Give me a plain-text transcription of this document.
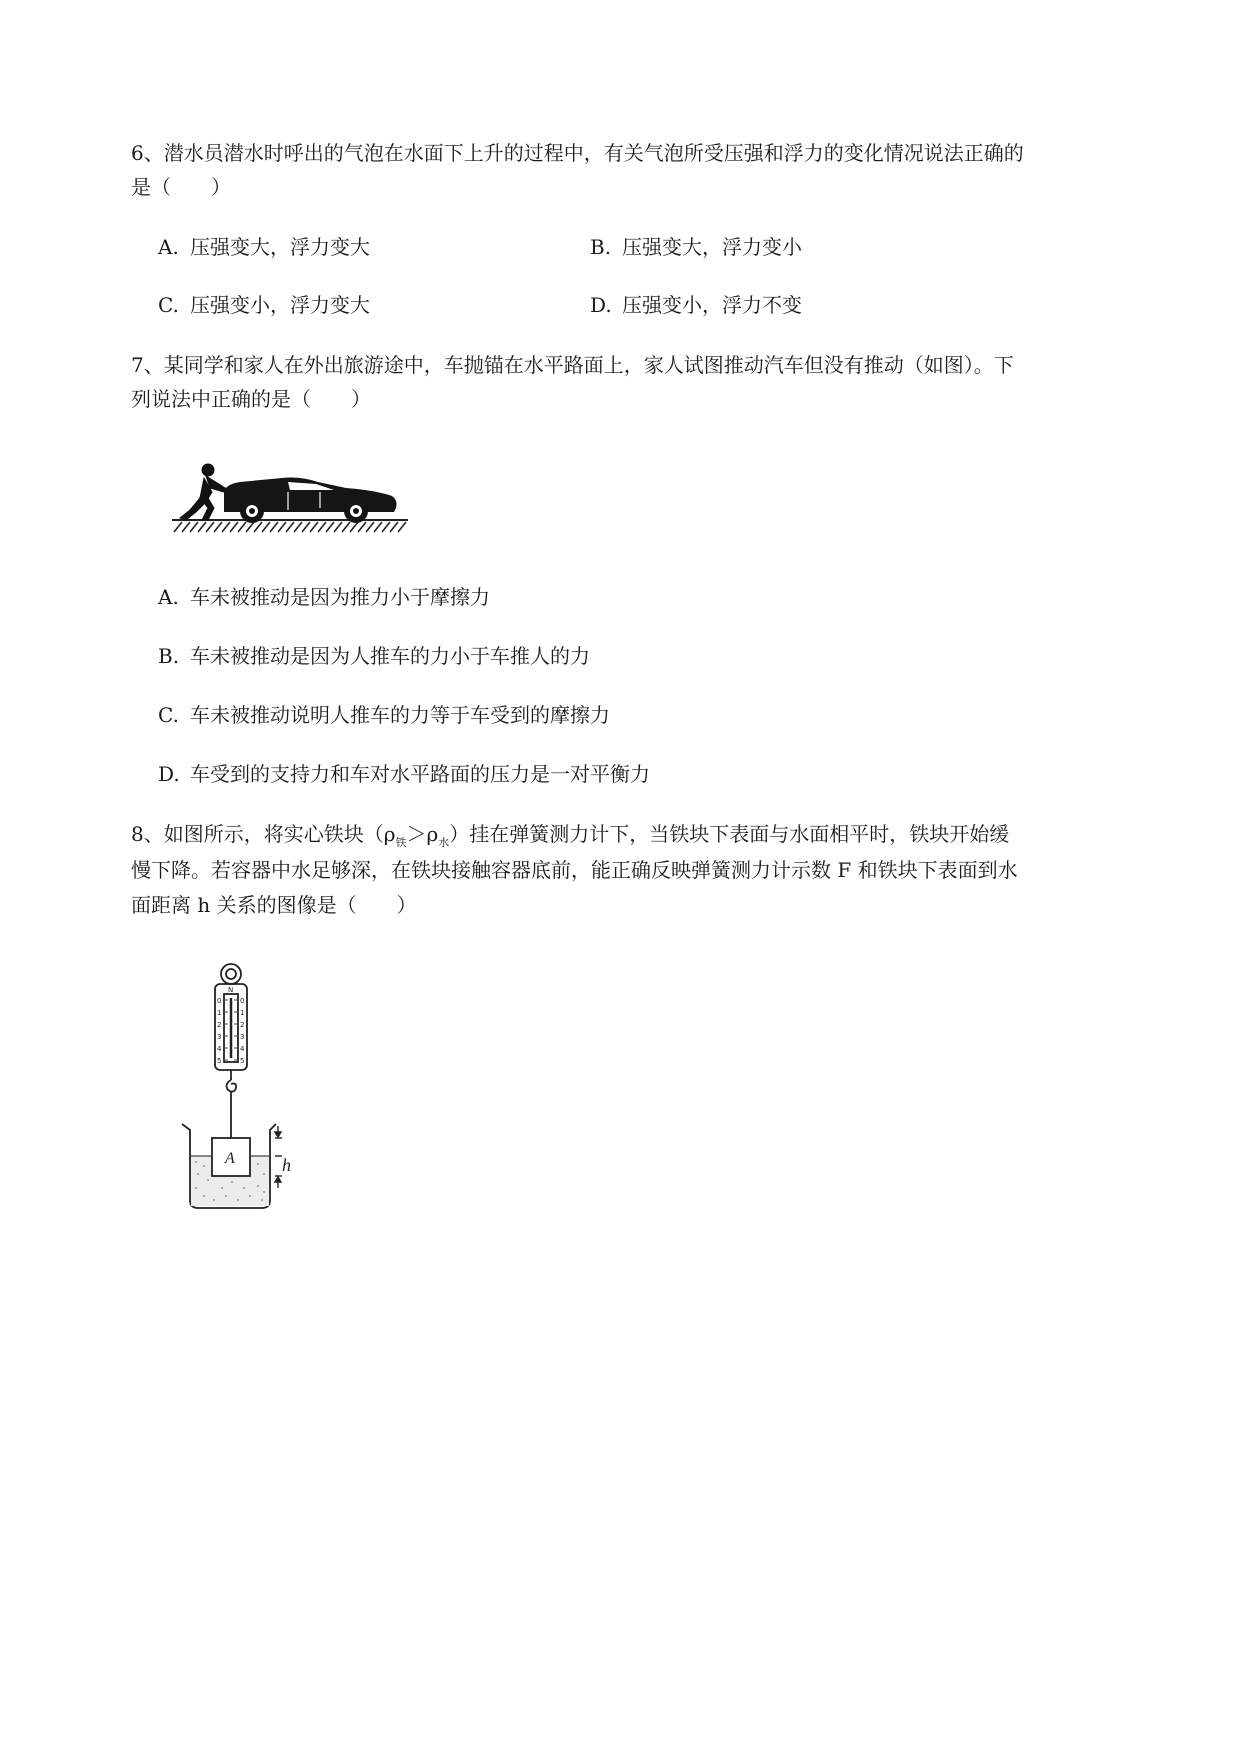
6、潜水员潜水时呼出的气泡在水面下上升的过程中，有关气泡所受压强和浮力的变化情况说法正确的
是（　　）
A. 压强变大，浮力变大	B. 压强变大，浮力变小
C. 压强变小，浮力变大	D. 压强变小，浮力不变
7、某同学和家人在外出旅游途中，车抛锚在水平路面上，家人试图推动汽车但没有推动（如图）。下
列说法中正确的是（　　）
A. 车未被推动是因为推力小于摩擦力
B. 车未被推动是因为人推车的力小于车推人的力
C. 车未被推动说明人推车的力等于车受到的摩擦力
D. 车受到的支持力和车对水平路面的压力是一对平衡力
8、如图所示，将实心铁块$(\rho_铁>\rho_水)$挂在弹簧测力计下，当铁块下表面与水面相平时，铁块开始缓
慢下降。若容器中水足够深，在铁块接触容器底前，能正确反映弹簧测力计示数 F 和铁块下表面到水
面距离 h 关系的图像是（　　）
N
0
1
2
3
4
5
0
1
2
3
4
5
A	h
